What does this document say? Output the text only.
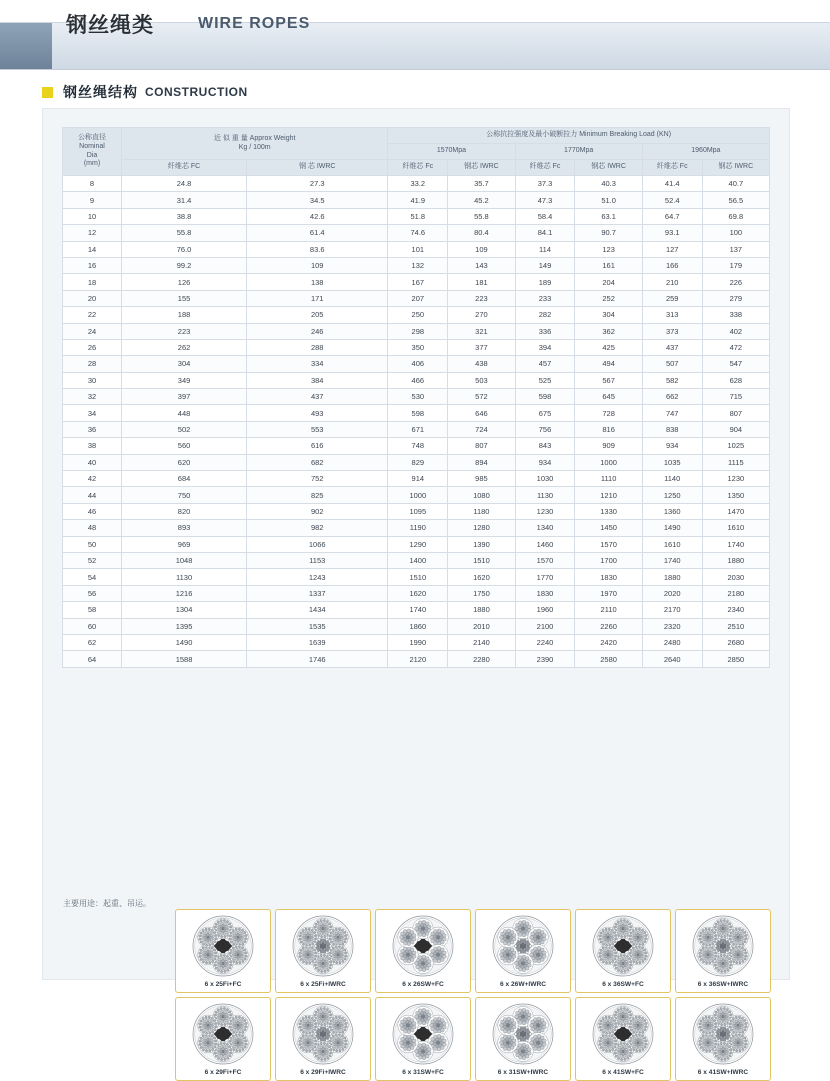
钢丝绳类	WIRE ROPES
钢丝绳结构 CONSTRUCTION
公称直径
Nominal
Dia
(mm)

近 似 重 量 Approx Weight
Kg / 100m
	公称抗拉强度及最小破断拉力 Minimum Breaking Load (KN)
			1570Mpa		1770Mpa		1960Mpa	
	纤维芯 FC	钢 芯 IWRC	纤维芯 Fc	钢芯 IWRC	纤维芯 Fc	钢芯 IWRC	纤维芯 Fc	钢芯 IWRC
8	24.8	27.3	33.2	35.7	37.3	40.3	41.4	40.7
9	31.4	34.5	41.9	45.2	47.3	51.0	52.4	56.5
10	38.8	42.6	51.8	55.8	58.4	63.1	64.7	69.8
12	55.8	61.4	74.6	80.4	84.1	90.7	93.1	100
14	76.0	83.6	101	109	114	123	127	137
16	99.2	109	132	143	149	161	166	179
18	126	138	167	181	189	204	210	226
20	155	171	207	223	233	252	259	279
22	188	205	250	270	282	304	313	338
24	223	246	298	321	336	362	373	402
26	262	288	350	377	394	425	437	472
28	304	334	406	438	457	494	507	547
30	349	384	466	503	525	567	582	628
32	397	437	530	572	598	645	662	715
34	448	493	598	646	675	728	747	807
36	502	553	671	724	756	816	838	904
38	560	616	748	807	843	909	934	1025
40	620	682	829	894	934	1000	1035	1115
42	684	752	914	985	1030	1110	1140	1230
44	750	825	1000	1080	1130	1210	1250	1350
46	820	902	1095	1180	1230	1330	1360	1470
48	893	982	1190	1280	1340	1450	1490	1610
50	969	1066	1290	1390	1460	1570	1610	1740
52	1048	1153	1400	1510	1570	1700	1740	1880
54	1130	1243	1510	1620	1770	1830	1880	2030
56	1216	1337	1620	1750	1830	1970	2020	2180
58	1304	1434	1740	1880	1960	2110	2170	2340
60	1395	1535	1860	2010	2100	2260	2320	2510
62	1490	1639	1990	2140	2240	2420	2480	2680
64	1588	1746	2120	2280	2390	2580	2640	2850
主要用途：起重、吊运。
6 x 25Fi+FC	6 x 25Fi+IWRC	6 x 26SW+FC	6 x 26W+IWRC	6 x 36SW+FC	6 x 36SW+IWRC
6 x 29Fi+FC	6 x 29Fi+IWRC	6 x 31SW+FC	6 x 31SW+IWRC	6 x 41SW+FC	6 x 41SW+IWRC
